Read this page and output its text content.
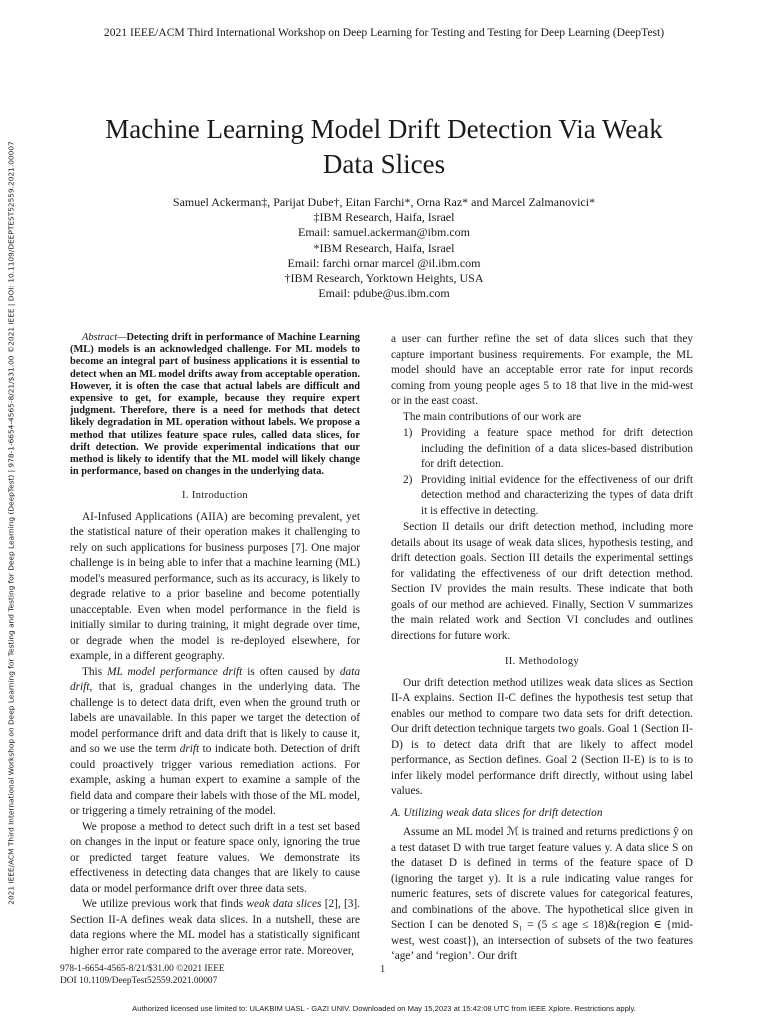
2021 IEEE/ACM Third International Workshop on Deep Learning for Testing and Testing for Deep Learning (DeepTest)
2021 IEEE/ACM Third International Workshop on Deep Learning for Testing and Testing for Deep Learning (DeepTest) | 978-1-6654-4565-8/21/$31.00 ©2021 IEEE | DOI: 10.1109/DEEPTEST52559.2021.00007
Machine Learning Model Drift Detection Via Weak
Data Slices
Samuel Ackerman‡, Parijat Dube†, Eitan Farchi*, Orna Raz* and Marcel Zalmanovici*
‡IBM Research, Haifa, Israel
Email: samuel.ackerman@ibm.com
*IBM Research, Haifa, Israel
Email: farchi ornar marcel @il.ibm.com
†IBM Research, Yorktown Heights, USA
Email: pdube@us.ibm.com

Abstract—Detecting drift in performance of Machine Learning (ML) models is an acknowledged challenge. For ML models to become an integral part of business applications it is essential to detect when an ML model drifts away from acceptable operation. However, it is often the case that actual labels are difficult and expensive to get, for example, because they require expert judgment. Therefore, there is a need for methods that detect likely degradation in ML operation without labels. We propose a method that utilizes feature space rules, called data slices, for drift detection. We provide experimental indications that our method is likely to identify that the ML model will likely change in performance, based on changes in the underlying data.

I. Introduction

AI-Infused Applications (AIIA) are becoming prevalent, yet the statistical nature of their operation makes it challenging to rely on such applications for business purposes [7]. One major challenge is in being able to infer that a machine learning (ML) model's measured performance, such as its accuracy, is likely to degrade relative to a prior baseline and become potentially unacceptable. Even when model performance in the field is initially similar to during training, it might degrade over time, or degrade when the model is re-deployed elsewhere, for example, in a different geography.

This ML model performance drift is often caused by data drift, that is, gradual changes in the underlying data. The challenge is to detect data drift, even when the ground truth or labels are unavailable. In this paper we target the detection of model performance drift and data drift that is likely to cause it, and so we use the term drift to indicate both. Detection of drift could proactively trigger various remediation actions. For example, asking a human expert to examine a sample of the field data and compare their labels with those of the ML model, or triggering a timely retraining of the model.

We propose a method to detect such drift in a test set based on changes in the input or feature space only, ignoring the true or predicted target feature values. We demonstrate its effectiveness in detecting data changes that are likely to cause data or model performance drift over three data sets.

We utilize previous work that finds weak data slices [2], [3]. Section II-A defines weak data slices. In a nutshell, these are data regions where the ML model has a statistically significant higher error rate compared to the average error rate. Moreover,

a user can further refine the set of data slices such that they capture important business requirements. For example, the ML model should have an acceptable error rate for input records coming from young people ages 5 to 18 that live in the mid-west or in the east coast.

The main contributions of our work are

1) Providing a feature space method for drift detection including the definition of a data slices-based distribution for drift detection.
2) Providing initial evidence for the effectiveness of our drift detection method and characterizing the types of data drift it is effective in detecting.

Section II details our drift detection method, including more details about its usage of weak data slices, hypothesis testing, and drift detection goals. Section III details the experimental settings for validating the effectiveness of our drift detection method. Section IV provides the main results. These indicate that both goals of our method are achieved. Finally, Section V summarizes the main related work and Section VI concludes and outlines directions for future work.

II. Methodology

Our drift detection method utilizes weak data slices as Section II-A explains. Section II-C defines the hypothesis test setup that enables our method to compare two data sets for drift detection. Our drift detection technique targets two goals. Goal 1 (Section II-D) is to detect data drift that are likely to affect model performance, as Section defines. Goal 2 (Section II-E) is to is to infer likely model performance drift directly, without using label values.

A. Utilizing weak data slices for drift detection

Assume an ML model ℳ is trained and returns predictions ŷ on a test dataset D with true target feature values y. A data slice S on the dataset D is defined in terms of the feature space of D (ignoring the target y). It is a rule indicating value ranges for numeric features, sets of discrete values for categorical features, and combinations of the above. The hypothetical slice given in Section I can be denoted S₁ = (5 ≤ age ≤ 18)&(region ∈ {mid-west, west coast}), an intersection of subsets of the two features ‘age’ and ‘region’. Our drift

978-1-6654-4565-8/21/$31.00 ©2021 IEEE
DOI 10.1109/DeepTest52559.2021.00007
1
Authorized licensed use limited to: ULAKBIM UASL - GAZI UNIV. Downloaded on May 15,2023 at 15:42:08 UTC from IEEE Xplore. Restrictions apply.
